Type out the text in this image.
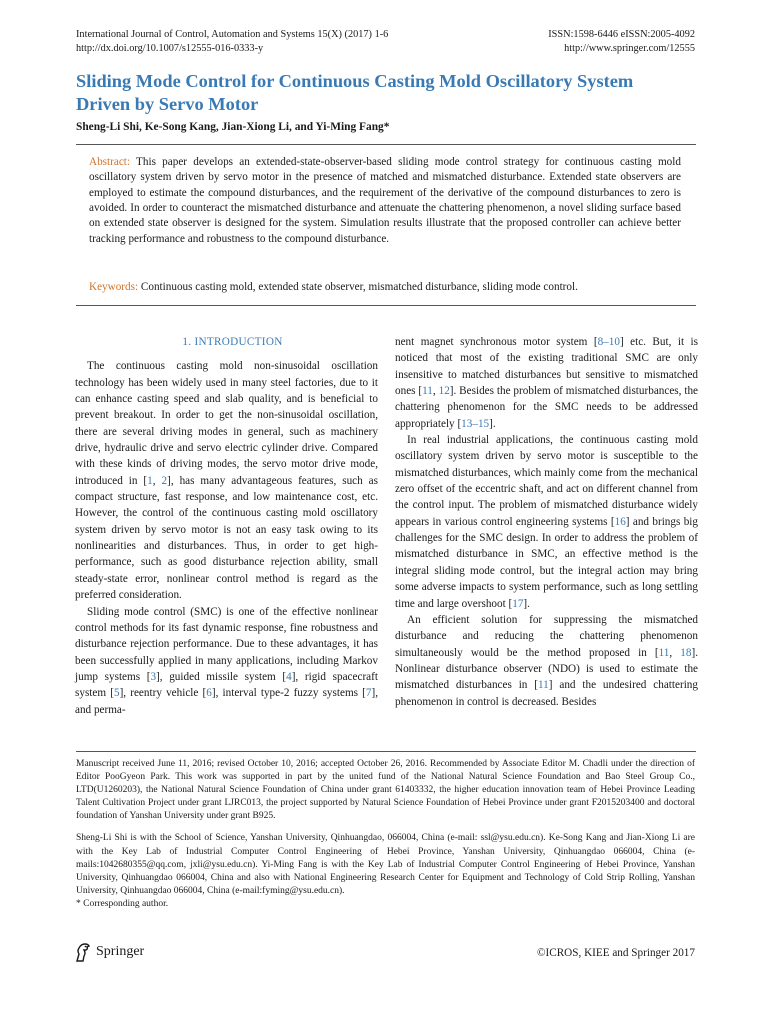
International Journal of Control, Automation and Systems 15(X) (2017) 1-6
http://dx.doi.org/10.1007/s12555-016-0333-y
ISSN:1598-6446 eISSN:2005-4092
http://www.springer.com/12555
Sliding Mode Control for Continuous Casting Mold Oscillatory System
Driven by Servo Motor
Sheng-Li Shi, Ke-Song Kang, Jian-Xiong Li, and Yi-Ming Fang*
Abstract: This paper develops an extended-state-observer-based sliding mode control strategy for continuous casting mold oscillatory system driven by servo motor in the presence of matched and mismatched disturbance. Extended state observers are employed to estimate the compound disturbances, and the requirement of the derivative of the compound disturbances to zero is avoided. In order to counteract the mismatched disturbance and attenuate the chattering phenomenon, a novel sliding surface based on extended state observer is designed for the system. Simulation results illustrate that the proposed controller can achieve better tracking performance and robustness to the compound disturbance.
Keywords: Continuous casting mold, extended state observer, mismatched disturbance, sliding mode control.

1. INTRODUCTION

The continuous casting mold non-sinusoidal oscillation technology has been widely used in many steel factories, due to it can enhance casting speed and slab quality, and is beneficial to prevent breakout. In order to get the non-sinusoidal oscillation, there are several driving modes in general, such as machinery drive, hydraulic drive and servo electric cylinder drive. Compared with these kinds of driving modes, the servo motor drive mode, introduced in [1, 2], has many advantageous features, such as compact structure, fast response, and low maintenance cost, etc. However, the control of the continuous casting mold oscillatory system driven by servo motor is not an easy task owing to its nonlinearities and disturbances. Thus, in order to get high-performance, such as good disturbance rejection ability, small steady-state error, nonlinear control method is regard as the preferred consideration.

Sliding mode control (SMC) is one of the effective nonlinear control methods for its fast dynamic response, fine robustness and disturbance rejection performance. Due to these advantages, it has been successfully applied in many applications, including Markov jump systems [3], guided missile system [4], rigid spacecraft system [5], reentry vehicle [6], interval type-2 fuzzy systems [7], and perma-

nent magnet synchronous motor system [8–10] etc. But, it is noticed that most of the existing traditional SMC are only insensitive to matched disturbances but sensitive to mismatched ones [11, 12]. Besides the problem of mismatched disturbances, the chattering phenomenon for the SMC needs to be addressed appropriately [13–15].

In real industrial applications, the continuous casting mold oscillatory system driven by servo motor is susceptible to the mismatched disturbances, which mainly come from the mechanical zero offset of the eccentric shaft, and act on different channel from the control input. The problem of mismatched disturbance widely appears in various control engineering systems [16] and brings big challenges for the SMC design. In order to address the problem of mismatched disturbance in SMC, an effective method is the integral sliding mode control, but the integral action may bring some adverse impacts to system performance, such as long settling time and large overshoot [17].

An efficient solution for suppressing the mismatched disturbance and reducing the chattering phenomenon simultaneously would be the method proposed in [11, 18]. Nonlinear disturbance observer (NDO) is used to estimate the mismatched disturbances in [11] and the undesired chattering phenomenon in control is decreased. Besides

Manuscript received June 11, 2016; revised October 10, 2016; accepted October 26, 2016. Recommended by Associate Editor M. Chadli under the direction of Editor PooGyeon Park. This work was supported in part by the united fund of the National Natural Science Foundation and Bao Steel Group Co., LTD(U1260203), the National Natural Science Foundation of China under grant 61403332, the higher education innovation team of Hebei Province Leading Talent Cultivation Project under grant LJRC013, the project supported by Natural Science Foundation of Hebei Province under grant F2015203400 and doctoral foundation of Yanshan University under grant B925.

Sheng-Li Shi is with the School of Science, Yanshan University, Qinhuangdao, 066004, China (e-mail: ssl@ysu.edu.cn). Ke-Song Kang and Jian-Xiong Li are with the Key Lab of Industrial Computer Control Engineering of Hebei Province, Yanshan University, Qinhuangdao 066004, China (e-mails:1042680355@qq.com, jxli@ysu.edu.cn). Yi-Ming Fang is with the Key Lab of Industrial Computer Control Engineering of Hebei Province, Yanshan University, Qinhuangdao 066004, China and also with National Engineering Research Center for Equipment and Technology of Cold Strip Rolling, Yanshan University, Qinhuangdao 066004, China (e-mail:fyming@ysu.edu.cn).
* Corresponding author.

Springer	©ICROS, KIEE and Springer 2017
